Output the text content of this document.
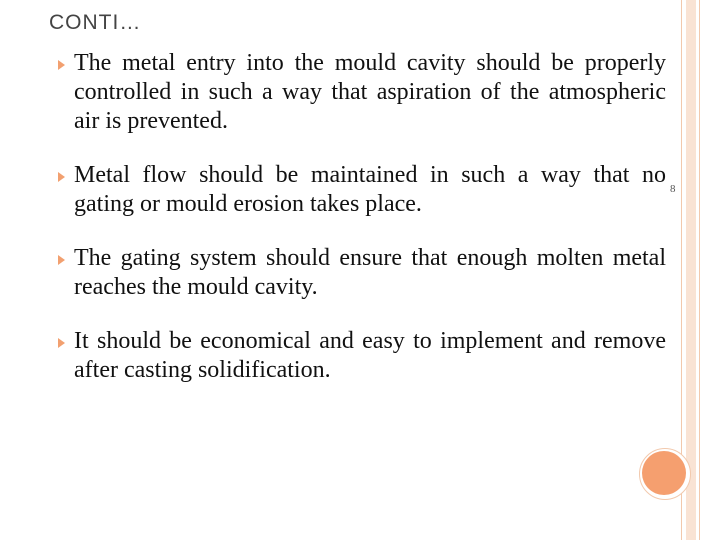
8
CONTI…
The metal entry into the mould cavity should be properly controlled in such a way that aspiration of the atmospheric air is prevented.
Metal flow should be maintained in such a way that no gating or mould erosion takes place.
The gating system should ensure that enough molten metal reaches the mould cavity.
It should be economical and easy to implement and remove after casting solidification.
